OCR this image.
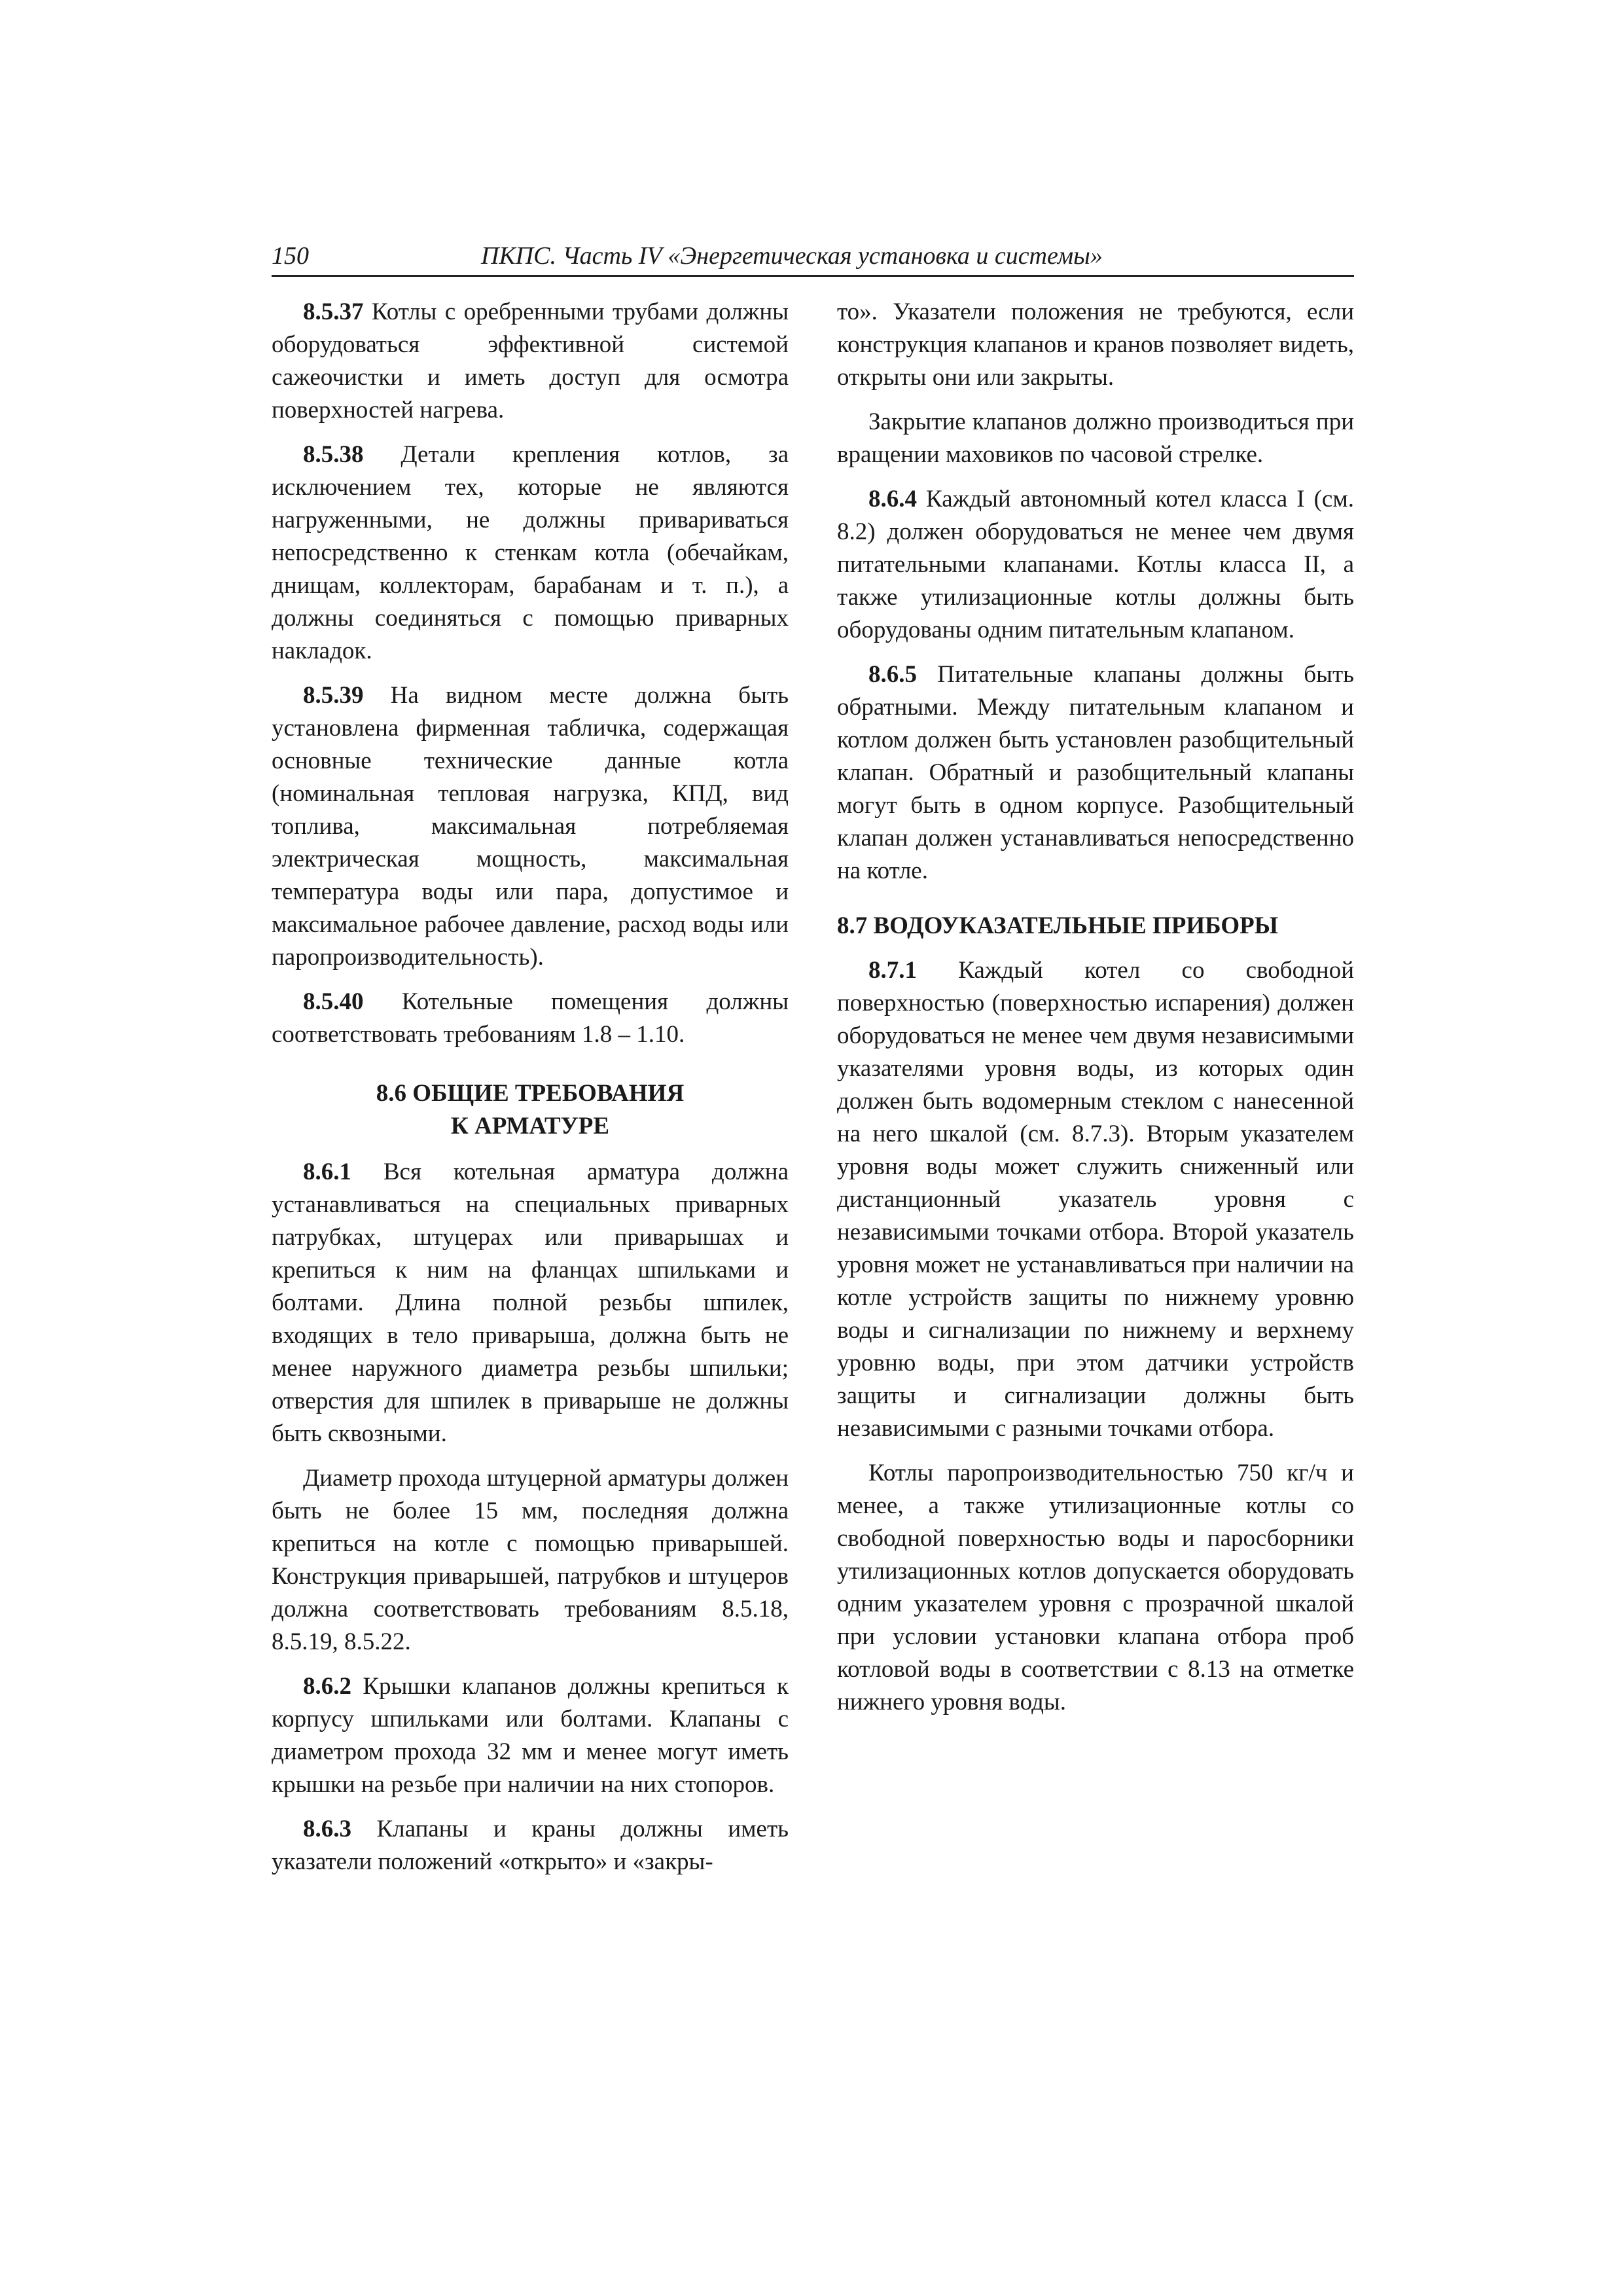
150	ПКПС. Часть IV «Энергетическая установка и системы»

8.5.37 Котлы с оребренными трубами должны оборудоваться эффективной системой сажеочистки и иметь доступ для осмотра поверхностей нагрева.

8.5.38 Детали крепления котлов, за исключением тех, которые не являются нагруженными, не должны привариваться непосредственно к стенкам котла (обечайкам, днищам, коллекторам, барабанам и т. п.), а должны соединяться с помощью приварных накладок.

8.5.39 На видном месте должна быть установлена фирменная табличка, содержащая основные технические данные котла (номинальная тепловая нагрузка, КПД, вид топлива, максимальная потребляемая электрическая мощность, максимальная температура воды или пара, допустимое и максимальное рабочее давление, расход воды или паропроизводительность).

8.5.40 Котельные помещения должны соответствовать требованиям 1.8 – 1.10.

8.6 ОБЩИЕ ТРЕБОВАНИЯ
К АРМАТУРЕ

8.6.1 Вся котельная арматура должна устанавливаться на специальных приварных патрубках, штуцерах или приварышах и крепиться к ним на фланцах шпильками и болтами. Длина полной резьбы шпилек, входящих в тело приварыша, должна быть не менее наружного диаметра резьбы шпильки; отверстия для шпилек в приварыше не должны быть сквозными.

Диаметр прохода штуцерной арматуры должен быть не более 15 мм, последняя должна крепиться на котле с помощью приварышей. Конструкция приварышей, патрубков и штуцеров должна соответствовать требованиям 8.5.18, 8.5.19, 8.5.22.

8.6.2 Крышки клапанов должны крепиться к корпусу шпильками или болтами. Клапаны с диаметром прохода 32 мм и менее могут иметь крышки на резьбе при наличии на них стопоров.

8.6.3 Клапаны и краны должны иметь указатели положений «открыто» и «закры-

то». Указатели положения не требуются, если конструкция клапанов и кранов позволяет видеть, открыты они или закрыты.

Закрытие клапанов должно производиться при вращении маховиков по часовой стрелке.

8.6.4 Каждый автономный котел класса I (см. 8.2) должен оборудоваться не менее чем двумя питательными клапанами. Котлы класса II, а также утилизационные котлы должны быть оборудованы одним питательным клапаном.

8.6.5 Питательные клапаны должны быть обратными. Между питательным клапаном и котлом должен быть установлен разобщительный клапан. Обратный и разобщительный клапаны могут быть в одном корпусе. Разобщительный клапан должен устанавливаться непосредственно на котле.

8.7 ВОДОУКАЗАТЕЛЬНЫЕ ПРИБОРЫ

8.7.1 Каждый котел со свободной поверхностью (поверхностью испарения) должен оборудоваться не менее чем двумя независимыми указателями уровня воды, из которых один должен быть водомерным стеклом с нанесенной на него шкалой (см. 8.7.3). Вторым указателем уровня воды может служить сниженный или дистанционный указатель уровня с независимыми точками отбора. Второй указатель уровня может не устанавливаться при наличии на котле устройств защиты по нижнему уровню воды и сигнализации по нижнему и верхнему уровню воды, при этом датчики устройств защиты и сигнализации должны быть независимыми с разными точками отбора.

Котлы паропроизводительностью 750 кг/ч и менее, а также утилизационные котлы со свободной поверхностью воды и паросборники утилизационных котлов допускается оборудовать одним указателем уровня с прозрачной шкалой при условии установки клапана отбора проб котловой воды в соответствии с 8.13 на отметке нижнего уровня воды.
